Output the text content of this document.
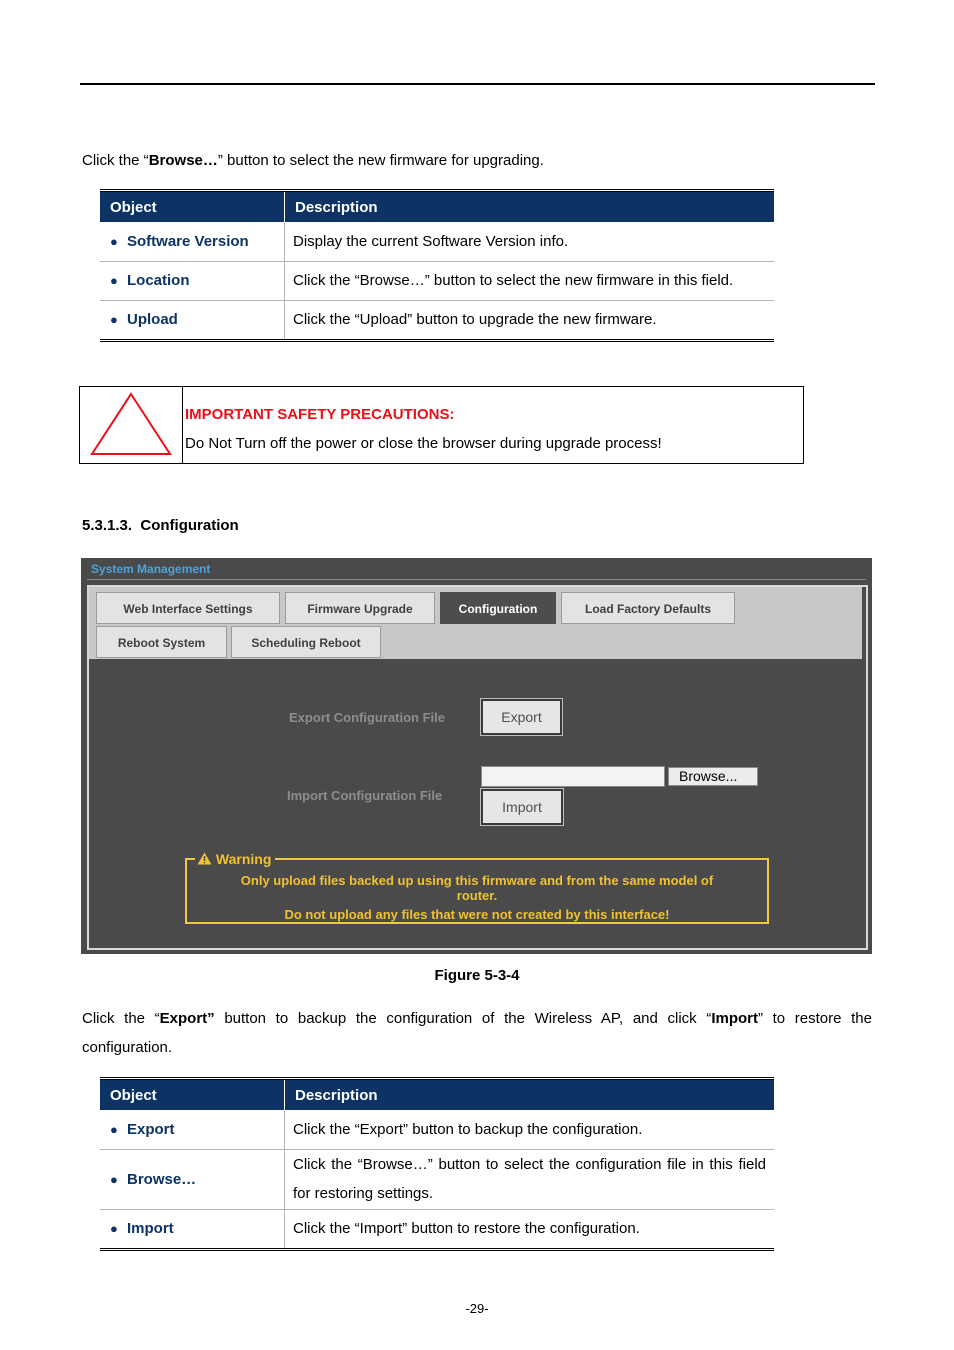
Click the “Browse…” button to select the new firmware for upgrading.
Object	Description
● Software Version	Display the current Software Version info.
● Location	Click the “Browse…” button to select the new firmware in this field.
● Upload	Click the “Upload” button to upgrade the new firmware.
IMPORTANT SAFETY PRECAUTIONS:
Do Not Turn off the power or close the browser during upgrade process!
5.3.1.3. Configuration
System Management
Web Interface Settings	Firmware Upgrade	Configuration	Load Factory Defaults
Reboot System	Scheduling Reboot
Export Configuration File	Export
Import Configuration File
Browse...
Import
Warning
Only upload files backed up using this firmware and from the same model of
router.
Do not upload any files that were not created by this interface!
Figure 5-3-4
Click the “Export” button to backup the configuration of the Wireless AP, and click “Import” to restore the configuration.
Object	Description
● Export	Click the “Export” button to backup the configuration.
● Browse…	Click the “Browse…” button to select the configuration file in this field for restoring settings.
● Import	Click the “Import” button to restore the configuration.
-29-
